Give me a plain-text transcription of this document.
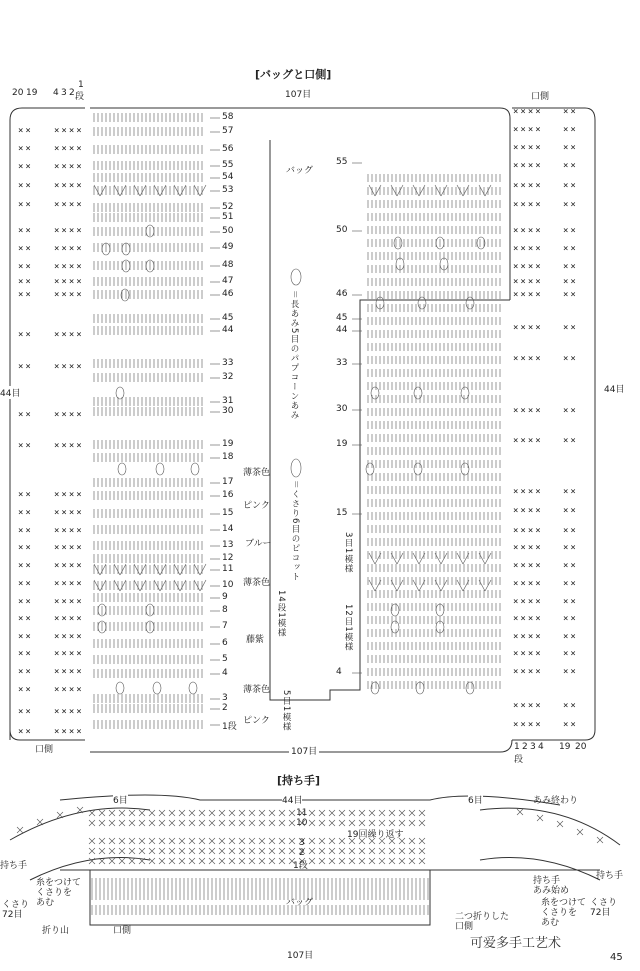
[バッグと口側]
107目	口側
107目
口側
44目	44目
バッグ
20 19 4 3 2
1
段
1 2 3 4 19 20
段
＝長あみ5目のパプコーンあみ
＝くさり6目のピコット
14段1模様
5目1模様
3目1模様
12目1模様
薄茶色
ピンク
ブルー
薄茶色
藤紫
薄茶色
ピンク
[持ち手]
6目	44目	6目	あみ終わり
11
10
19回繰り返す
3
2
1段
持ち手
持ち手
持ち手
あみ始め
糸をつけて
くさりを
あむ	糸をつけて
くさりを
あむ
くさり
72目
くさり
72目
折り山	口側
バッグ
二つ折りした
口側
107目
可爱多手工艺术
45
58
57
56
55
54
53
52
51
50
49
48
47
46
45
44
33
32
31
30
19
18
17
16
15
14
13
12
11
10
9
8
7
6
5
4
3
2
1段
55
50
46
45
44
33
30
19
15
4
×× ××××
×× ××××
×× ××××
×× ××××
×× ××××
×× ××××
×× ××××
×× ××××
×× ××××
×× ××××
×× ××××
×× ××××
×× ××××
×× ××××
×× ××××
×× ××××
×× ××××
×× ××××
×× ××××
×× ××××
×× ××××
×× ××××
×× ××××
×× ××××
×× ××××
×× ××××
×× ××××
×× ××××
×××× ××
×××× ××
×××× ××
×××× ××
×××× ××
×××× ××
×××× ××
×××× ××
×××× ××
×××× ××
×××× ××
×××× ××
×××× ××
×××× ××
×××× ××
×××× ××
×××× ××
×××× ××
×××× ××
×××× ××
×××× ××
×××× ××
×××× ××
×××× ××
×××× ××
×××× ××
×××× ××
×××× ××
